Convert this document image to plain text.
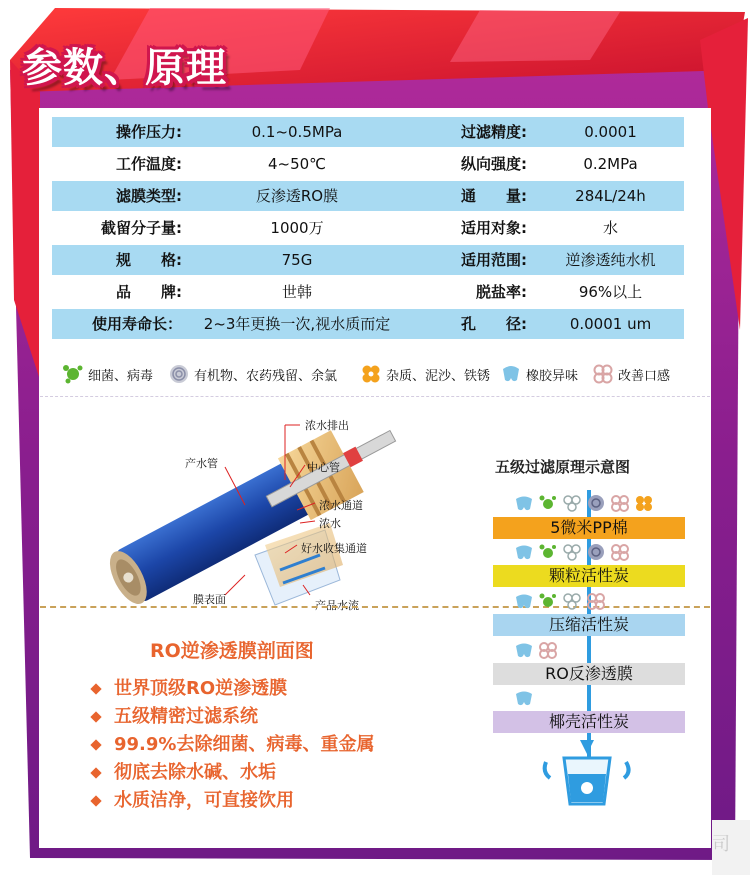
参数、原理
操作压力:	0.1~0.5MPa	过滤精度:	0.0001
工作温度:	4~50℃	纵向强度:	0.2MPa
滤膜类型:	反渗透RO膜	通　　量:	284L/24h
截留分子量:	1000万	适用对象:	水
规　　格:	75G	适用范围:	逆渗透纯水机
品　　牌:	世韩	脱盐率:	96%以上
使用寿命长： 2~3年更换一次,视水质而定	孔　　径:	0.0001 um
细菌、病毒	有机物、农药残留、余氯	杂质、泥沙、铁锈	橡胶异味	改善口感
浓水排出
产水管	中心管
浓水通道
浓水
好水收集通道
膜表面	产品水流
RO逆渗透膜剖面图
世界顶级RO逆渗透膜
五级精密过滤系统
99.9%去除细菌、病毒、重金属
彻底去除水碱、水垢
水质洁净，可直接饮用
五级过滤原理示意图
5微米PP棉
颗粒活性炭
压缩活性炭
RO反渗透膜
椰壳活性炭
司
